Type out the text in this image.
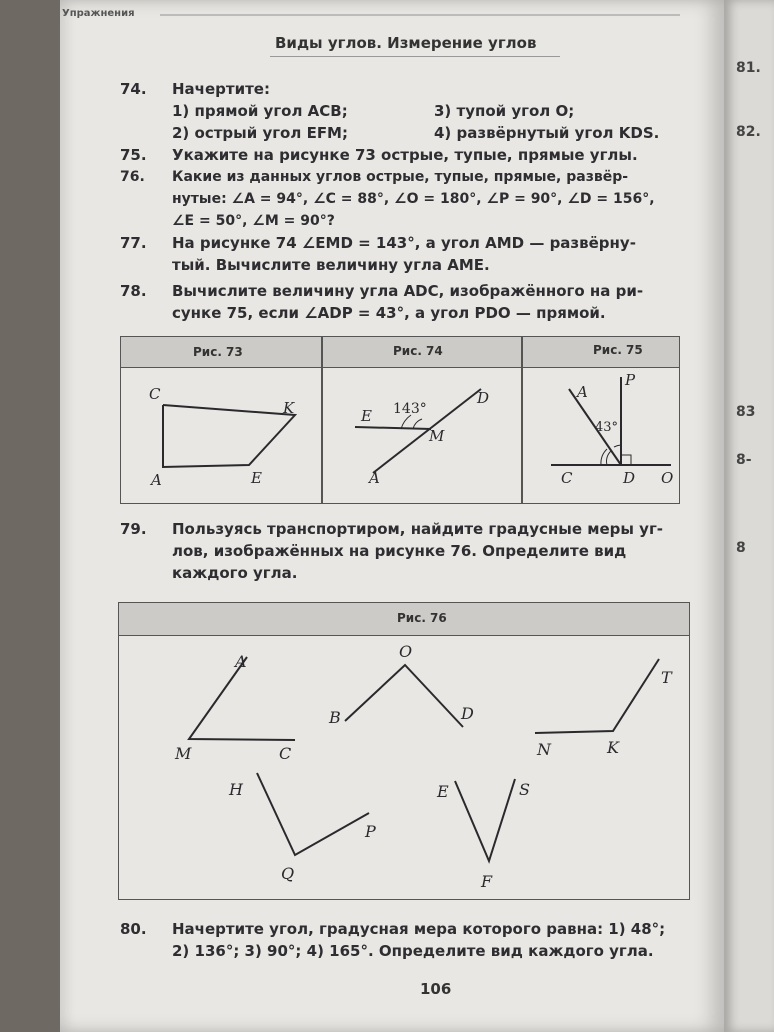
81.
82.
83
8-
8
Упражнения
Виды углов. Измерение углов
74. Начертите:
1) прямой угол ACB;	3) тупой угол O;
2) острый угол EFM;	4) развёрнутый угол KDS.
75. Укажите на рисунке 73 острые, тупые, прямые углы.
76. Какие из данных углов острые, тупые, прямые, развёр-
нутые: ∠A = 94°, ∠C = 88°, ∠O = 180°, ∠P = 90°, ∠D = 156°,
∠E = 50°, ∠M = 90°?
77. На рисунке 74 ∠EMD = 143°, а угол AMD — развёрну-
тый. Вычислите величину угла AME.
78. Вычислите величину угла ADC, изображённого на ри-
сунке 75, если ∠ADP = 43°, а угол PDO — прямой.
Рис. 73	Рис. 74	Рис. 75
C
K
A	E
E
D
M
A
143°
A
P
C	D O
43°
79. Пользуясь транспортиром, найдите градусные меры уг-
лов, изображённых на рисунке 76. Определите вид
каждого угла.
Рис. 76
A
M	C
O
B	D
T
N	K
H
P
Q
E	S
F
80. Начертите угол, градусная мера которого равна: 1) 48°;
2) 136°; 3) 90°; 4) 165°. Определите вид каждого угла.
106
